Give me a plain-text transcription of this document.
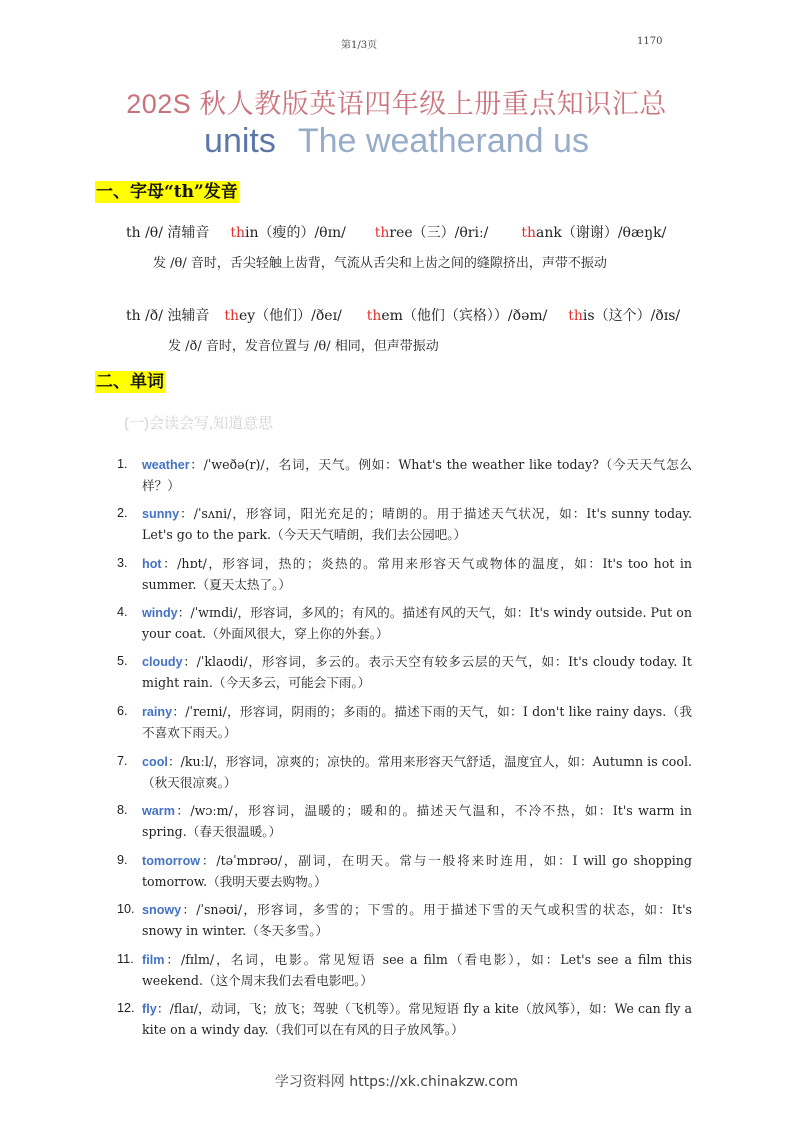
第1/3页	1170
202S 秋人教版英语四年级上册重点知识汇总
units The weatherand us
一、字母“th”发音
th /θ/ 清辅音 thin（瘦的）/θɪn/ three（三）/θriː/ thank（谢谢）/θæŋk/
发 /θ/ 音时，舌尖轻触上齿背，气流从舌尖和上齿之间的缝隙挤出，声带不振动
th /ð/ 浊辅音 they（他们）/ðeɪ/ them（他们（宾格））/ðəm/ this（这个）/ðɪs/
发 /ð/ 音时，发音位置与 /θ/ 相同，但声带振动
二、单词
(一)会读会写,知道意思
1. weather：/ˈweðə(r)/，名词，天气。例如：What's the weather like today?（今天天气怎么样？）
2. sunny：/ˈsʌni/，形容词，阳光充足的；晴朗的。用于描述天气状况，如：It's sunny today. Let's go to the park.（今天天气晴朗，我们去公园吧。）
3. hot：/hɒt/，形容词，热的；炎热的。常用来形容天气或物体的温度，如：It's too hot in summer.（夏天太热了。）
4. windy：/ˈwɪndi/，形容词，多风的；有风的。描述有风的天气，如：It's windy outside. Put on your coat.（外面风很大，穿上你的外套。）
5. cloudy：/ˈklaʊdi/，形容词，多云的。表示天空有较多云层的天气，如：It's cloudy today. It might rain.（今天多云，可能会下雨。）
6. rainy：/ˈreɪni/，形容词，阴雨的；多雨的。描述下雨的天气，如：I don't like rainy days.（我不喜欢下雨天。）
7. cool：/kuːl/，形容词，凉爽的；凉快的。常用来形容天气舒适，温度宜人，如：Autumn is cool.（秋天很凉爽。）
8. warm：/wɔːm/，形容词，温暖的；暖和的。描述天气温和，不冷不热，如：It's warm in spring.（春天很温暖。）
9. tomorrow：/təˈmɒrəʊ/，副词，在明天。常与一般将来时连用，如：I will go shopping tomorrow.（我明天要去购物。）
10. snowy：/ˈsnəʊi/，形容词，多雪的；下雪的。用于描述下雪的天气或积雪的状态，如：It's snowy in winter.（冬天多雪。）
11. film：/fɪlm/，名词，电影。常见短语 see a film（看电影），如：Let's see a film this weekend.（这个周末我们去看电影吧。）
12. fly：/flaɪ/，动词，飞；放飞；驾驶（飞机等）。常见短语 fly a kite（放风筝），如：We can fly a kite on a windy day.（我们可以在有风的日子放风筝。）
学习资料网 https://xk.chinakzw.com
